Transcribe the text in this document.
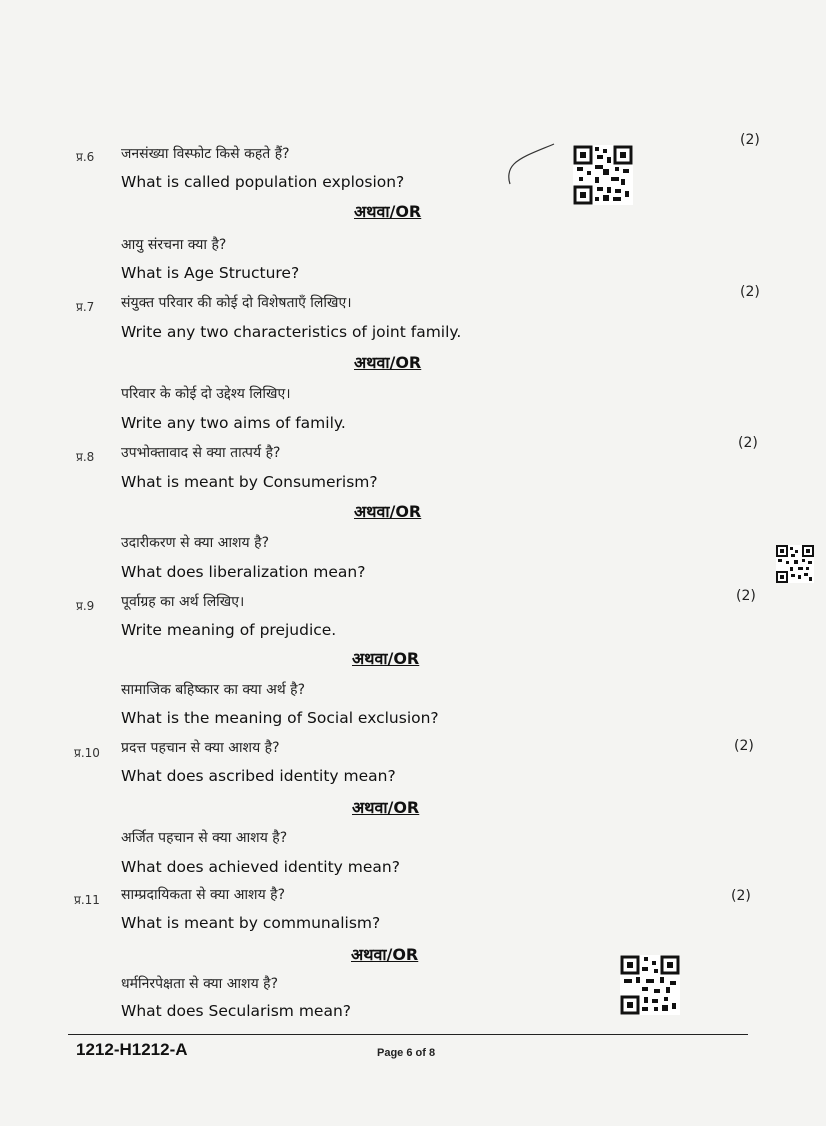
प्र.6 जनसंख्या विस्फोट किसे कहते हैं?
(2)
What is called population explosion?
अथवा/OR
आयु संरचना क्या है?
What is Age Structure?
प्र.7 संयुक्त परिवार की कोई दो विशेषताएँ लिखिए।
(2)
Write any two characteristics of joint family.
अथवा/OR
परिवार के कोई दो उद्देश्य लिखिए।
Write any two aims of family.
प्र.8 उपभोक्तावाद से क्या तात्पर्य है?
(2)
What is meant by Consumerism?
अथवा/OR
उदारीकरण से क्या आशय है?
What does liberalization mean?
प्र.9 पूर्वाग्रह का अर्थ लिखिए।	(2)
Write meaning of prejudice.
अथवा/OR
सामाजिक बहिष्कार का क्या अर्थ है?
What is the meaning of Social exclusion?
प्र.10 प्रदत्त पहचान से क्या आशय है?	(2)
What does ascribed identity mean?
अथवा/OR
अर्जित पहचान से क्या आशय है?
What does achieved identity mean?
प्र.11 साम्प्रदायिकता से क्या आशय है?	(2)
What is meant by communalism?
अथवा/OR
धर्मनिरपेक्षता से क्या आशय है?
What does Secularism mean?
1212-H1212-A	Page 6 of 8
